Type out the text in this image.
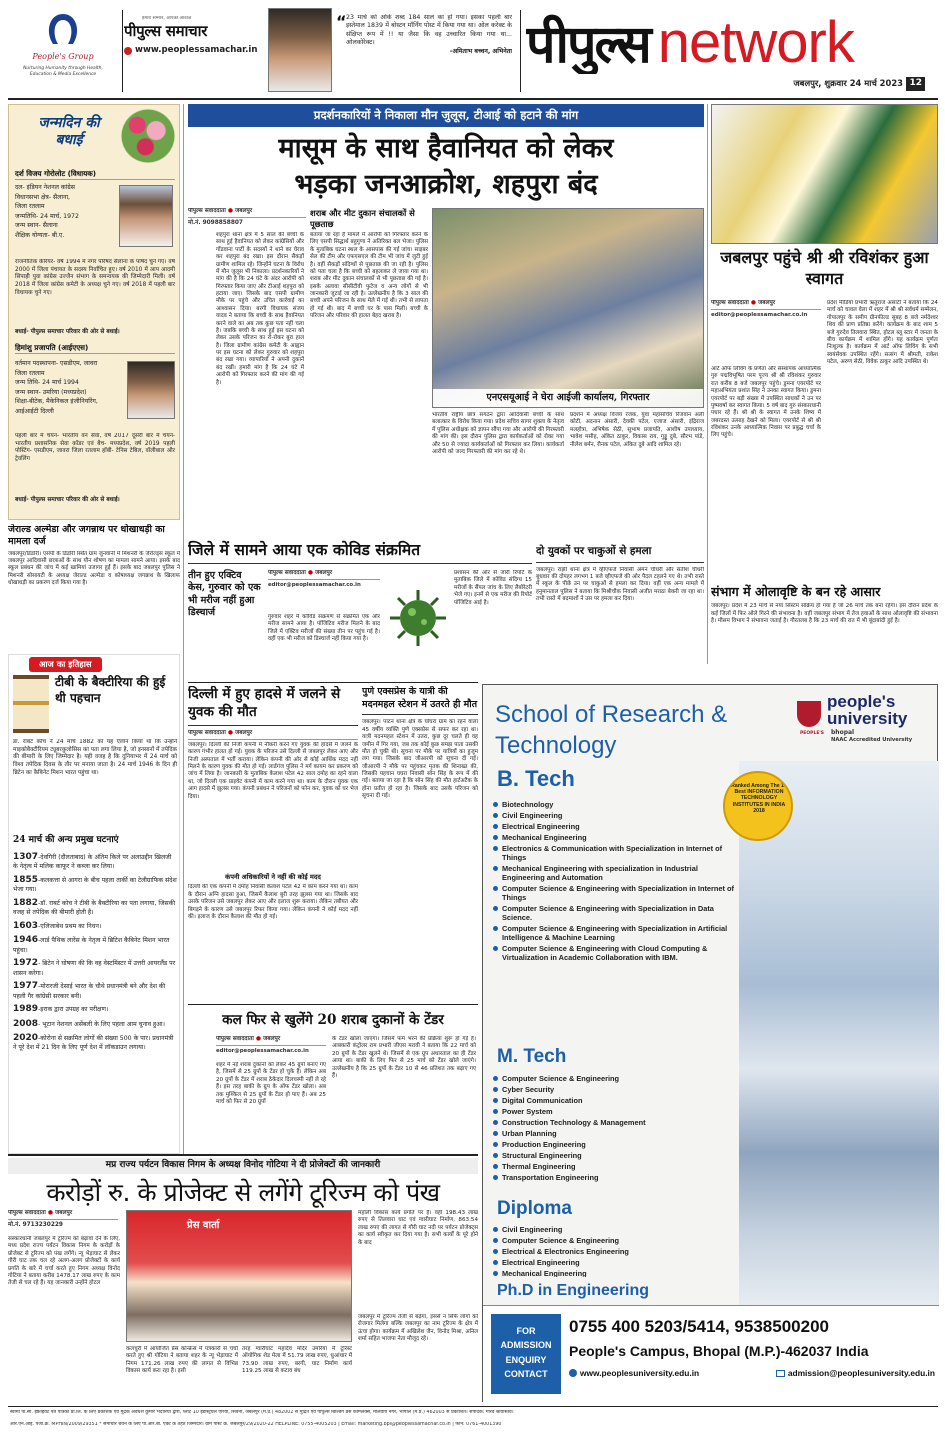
People's Group
Nurturing Humanity through Health, Education & Media Excellence
हमारा सम्मान, आपकी आवाज़
पीपुल्स समाचार
www.peoplessamachar.in
“ 23 मार्च को ओके शब्द 184 साल का हो गया। इसका पहली बार इस्तेमाल 1839 में बोस्टन मॉर्निंग पोस्ट में किया गया था। ओल करेक्ट के संक्षिप्त रूप में !! या जैसा कि वह उच्चारित किया गया था... ओलकोरेक्ट।
-अमिताभ बच्चन, अभिनेता पीपुल्स network
जबलपुर, शुक्रवार 24 मार्च 2023 12
जन्मदिन की बधाई
दर्श विजय गोरोलोट (विधायक)
दल- इंडियन नेशनल कांग्रेस
विधानसभा क्षेत्र- सैलाना,
जिला रतलाम
जन्मतिथि- 24 मार्च, 1972
जन्म स्थान- सैलाना
शैक्षिक योग्यता- बी.ए.
राजनीतिक कैरियर- वर्ष 1994 में नगर परिषद सैलाना के पार्षद चुने गए। वर्ष 2000 में जिला पंचायत के सदस्य निर्वाचित हुए। वर्ष 2010 में आप आदमी सिपाही युवा कांग्रेस उज्जैन संभाग के समन्वयक की जिम्मेदारी मिली। वर्ष 2018 में जिला कांग्रेस कमेटी के अध्यक्ष चुने गए। वर्ष 2018 में पहली बार विधायक चुने गए।
बधाई- पीपुल्स समाचार परिवार की ओर से बधाई।
हिमांशु प्रजापति (आईएएस)
वर्तमान पदस्थापना- एसडीएम, जावरा
जिला रतलाम
जन्म तिथि- 24 मार्च 1994
जन्म स्थान- उमरिया (मध्यप्रदेश)
शिक्षा-बीटेक, मैकेनिकल इंजीनियरिंग,
आईआईटी दिल्ली
पहली बार में चयन- भारतीय वन सेवा, वर्ष 2017 दूसरी बार में चयन- भारतीय प्रशासनिक सेवा कॉडर एवं बैच- मध्यप्रदेश, वर्ष 2019 पहली पोस्टिंग- एसडीएम, जावरा जिला रतलाम हॉबी- टेनिस टेबिल, वॉलीबाल और ट्रेवलिंग
बधाई- पीपुल्स समाचार परिवार की ओर से बधाई।
जेराल्ड अल्मेडा और जगन्नाथ पर धोखाधड़ी का मामला दर्ज
जबलपुर/डिंडोरी। एसपी के डिंडोरी स्थित ग्राम जुनवानी में मिशनरी के जेरॉल्ड्स स्कूल में जबलपुर आदिवासी छात्राओं के साथ यौन शोषण का मामला सामने आया। इसके बाद स्कूल प्रबंधन की जांच में कई खामियां उजागर हुईं हैं। इसके बाद जबलपुर पुलिस ने मिशनरी सोसायटी के अध्यक्ष जेराल्ड अल्मेडा व कोषाध्यक्ष जगन्नाथ के खिलाफ धोखाधड़ी का प्रकरण दर्ज किया गया है।
आज का इतिहास
टीबी के बैक्टीरिया की हुई थी पहचान
डॉ. रॉबर्ट कोच ने 24 मार्च 1882 को यह ऐलान किया था कि उन्होंने माइकोबैक्टीरियम ट्यूबरकुलोसिस का पता लगा लिया है, जो इनसानों में तपेदिक की बीमारी के लिए जिम्मेदार है। यही वजह है कि दुनियाभर में 24 मार्च को विश्व तपेदिक दिवस के तौर पर मनाया जाता है। 24 मार्च 1946 के दिन ही ब्रिटेन का कैबिनेट मिशन भारत पहुंचा था।
24 मार्च की अन्य प्रमुख घटनाएं
1307-देवगिरी (दौलताबाद) के अंतिम किले पर अलाउद्दीन खिलजी के नेतृत्व में मलिक काफूर ने कब्जा कर लिया।
1855-कलकत्ता से आगरा के बीच पहला तार्की का टेलीग्राफिक संदेश भेजा गया।
1882-डॉ. राबर्ट कोच ने टीबी के बैक्टीरिया का पता लगाया, जिसकी वजह से तपेदिक की बीमारी होती है।
1603-एलिजाबेथ प्रथम का निधन।
1946-लार्ड पैथिक लारेंस के नेतृत्व में ब्रिटिश कैबिनेट मिशन भारत पहुंचा।
1972- ब्रिटेन ने घोषणा की कि वह वेस्टमिंस्टर में उत्तरी आयरलैंड पर शासन करेगा।
1977-मोरारजी देसाई भारत के चौथे प्रधानमंत्री बने और देश की पहली गैर कांग्रेसी सरकार बनी।
1989-इराक द्वारा उपग्रह का परीक्षण।
2008- भूटान नेशनल असेंबली के लिए पहला आम चुनाव हुआ।
2020-कोरोना से सक्रमित लोगों की संख्या 500 के पार। प्रधानमंत्री ने पूरे देश में 21 दिन के लिए पूर्ण देश में लॉकडाउन लगाया।
प्रदर्शनकारियों ने निकाला मौन जुलूस, टीआई को हटाने की मांग
मासूम के साथ हैवानियत को लेकर
भड़का जनआक्रोश, शहपुरा बंद
पीपुल्स संवाददाता ● जबलपुर
मो.नं. 9098858807
शहपुरा थाना क्षेत्र में 5 साल की बच्ची के साथ हुई हैवानियत को लेकर कांग्रेसियों और गोंडवाना पार्टी के सदस्यों ने थाने का घेराव कर शहपुरा बंद रखा। इस दौरान सैकड़ों ग्रामीण शामिल रहे। जिन्होंने घटना के विरोध में मौन जुलूस भी निकाला। प्रदर्शनकारियों ने मांग की है कि 24 घंटे के अंदर आरोपी को गिरफ्तार किया जाए और टीआई शहपुरा को हटाया जाए। जिसके बाद एसपी ग्रामीण मौके पर पहुंचे और उचित कार्रवाई का आश्वासन दिया। बरगी विधायक संजय यादव ने बताया कि बच्ची के साथ हैवानियत करने वाले का अब तक कुछ पता नहीं चला है। जबकि बच्ची के साथ हुई इस घटना को लेकर उसके परिजन का रो-रोकर बुरा हाल है। जिला ग्रामीण कांग्रेस कमेटी के आह्वान पर इस घटना को लेकर गुरुवार को शहपुरा बंद रखा गया। व्यापारियों ने अपनी दुकानें बंद रखीं। हमारी मांग है कि 24 घंटे में आरोपी को गिरफ्तार करने की मांग की गई है।
शराब और मीट दुकान संचालकों से पूछताछ
बताया जा रहा है मामले में आरोपी को गिरफ्तार करने के लिए एसपी सिद्धार्थ बहुगुणा ने अतिरिक्त बल भेजा। पुलिस के मुताबिक घटना स्थल के आसपास की गई जांच। साइबर सेल की टीम और एफएसएल की टीम भी जांच में जुटी हुई है। वहीं सैकड़ों संदिग्धों से पूछताछ की जा रही है। पुलिस को पता चला है कि बच्ची को बहलाकर ले जाया गया था। शराब और मीट दुकान संचालकों से भी पूछताछ की गई है। इसके अलावा सीसीटीवी फुटेज व अन्य लोगों से भी जानकारी जुटाई जा रही है। उल्लेखनीय है कि 3 साल की बच्ची अपने परिजन के साथ मेले में गई थी। तभी से लापता हो गई थी। बाद में बच्ची घर के पास मिली। बच्ची के परिजन और परिवार की हालत बेहद खराब है।
एनएसयूआई ने घेरा आईजी कार्यालय, गिरफ्तार
भारतीय राष्ट्रीय छात्र संगठन द्वारा आदिवासी बच्ची के साथ बलात्कार के विरोध किया गया। प्रदेश सचिव सागर शुक्ला के नेतृत्व में पुलिस अधीक्षक को ज्ञापन सौंपा गया और आरोपी की गिरफ्तारी की मांग की। इस दौरान पुलिस द्वारा कार्यकर्ताओं को रोका गया और 50 से ज्यादा कार्यकर्ताओं को गिरफ्तार कर लिया। कार्यकर्ता आरोपी को जल्द गिरफ्तारी की मांग कर रहे थे।
प्रदर्शन में अध्यक्ष विजय रजक, युवा महासचिव रिजवान अली कोटी, अदनान अंसारी, देवकी पटेल, एजाज अंसारी, इंद्रिराज मलहोत्रा, अभिषेक सेठी, सुभाष प्रजापति, आशीष उपाध्याय, भावेश मसीह, अंकित ठाकुर, विकास राय, गुड्डू दुबे, सौरभ पांडे, नीलेश बर्मन, रौनक पटेल, अंकित दुबे आदि शामिल रहे।
जबलपुर पहुंचे श्री श्री रविशंकर हुआ स्वागत
पीपुल्स संवाददाता ● जबलपुर
editor@peoplessamachar.co.in
आर्ट ऑफ लिविंग के प्रणेता और संस्थापक आध्यात्मिक गुरु पद्मविभूषित परम पूज्य श्री श्री रविशंकर गुरुवार रात करीब 8 बजे जबलपुर पहुंचे। डुमना एयरपोर्ट पर महाअभियंता प्रशांत सिंह ने उनका स्वागत किया। डुमना एयरपोर्ट पर बड़ी संख्या में उपस्थित साधकों ने उन पर पुष्पवर्षा कर स्वागत किया। 5 वर्ष बाद गुरु संस्कारधानी पधार रहे हैं। श्री श्री के स्वागत में उनके शिष्य में जबरदस्त उत्साह देखने को मिला। एयरपोर्ट से श्री श्री रविशंकर उनके आध्यात्मिक निवास पर प्रबुद्ध चर्चा के लिए पहुंचे।
प्रदेश मीडिया प्रभारी ऋतुराज असाटी ने बताया कि 24 मार्च को चावल वेला में शहर में श्री श्री सर्वधर्म सम्मेलन, गोपालपुर के समीप ग्रीनफील्ड सुबह 8 बजे नर्मदेश्वर शिव की प्राण प्रतिष्ठा करेंगे। कार्यक्रम के बाद शाम 5 बजे गुरुदेव तिलवारा स्थित, होटल ब्लू स्टार में जनता के बीच कार्यक्रम में शामिल होंगे। यह कार्यक्रम पूर्णतः निःशुल्क है। कार्यक्रम में आर्ट ऑफ लिविंग के सभी स्वयंसेवक उपस्थित रहेंगे। सत्संग में श्रीमती, राकेश पटेल, अरुण सेठी, विवेक ठाकुर आदि उपस्थित थे।
संभाग में ओलावृष्टि के बन रहे आसार
जबलपुर। प्रदेश में 23 मार्च से नया सिस्टम सक्रिय हो गया है जो 26 मार्च तक बना रहेगा। इस दौरान प्रदेश के कई जिलों में फिर ओले गिरने की संभावना है। वहीं जबलपुर संभाग में तेज हवाओं के साथ ओलावृष्टि की संभावना है। मौसम विभाग ने संभावना जताई है। गौरतलब है कि 23 मार्च की रात में भी बूंदाबांदी हुई है।
जिले में सामने आया एक कोविड संक्रमित
तीन हुए एक्टिव केस, गुरुवार को एक भी मरीज नहीं हुआ डिस्चार्ज
पीपुल्स संवाददाता ● जबलपुर
editor@peoplessamachar.co.in
गुरुवार शहर में कोविड संक्रमण से संक्रमित एक और मरीज सामने आया है। पॉजिटिव मरीज मिलने के बाद जिले में एक्टिव मरीजों की संख्या तीन पर पहुंच गई है। वहीं एक भी मरीज को डिस्चार्ज नहीं किया गया है।
प्रशासन की ओर से जारी रिपोर्ट के मुताबिक जिले में कोविड संदिग्ध 15 मरीजों के सैंपल जांच के लिए लैबोरेटरी भेजे गए। इनमें से एक मरीज की रिपोर्ट पॉजिटिव आई है।
दो युवकों पर चाकुओं से हमला
जबलपुर। रांझी थाना क्षेत्र में व्हीएफजे निवासी अमन चौधरी और सतीश चौधरी बुधवार की दोपहर लगभग 1 बजे व्हीएफजे की ओर पैदल टहलने गए थे। तभी रास्ते में स्कूल के पीछे उन पर चाकुओं से हमला कर दिया। वहीं एक अन्य मामले में हनुमानताल पुलिस ने बताया कि मिश्रीचौक निवासी अजीत मराठा बेकरी जा रहा था। तभी रास्ते में बदमाशों ने उस पर हमला कर दिया।
दिल्ली में हुए हादसे में जलने से युवक की मौत
पीपुल्स संवाददाता ● जबलपुर
जबलपुर। दिल्ली की निजी कंपनी में नौकरी करने गए युवक की हादसे में जलने के कारण गंभीर हालत हो गई। युवक के परिजन उसे दिल्ली से जबलपुर लेकर आए और निजी अस्पताल में भर्ती कराया। लेकिन कंपनी की ओर से कोई आर्थिक मदद नहीं मिलने के कारण युवक की मौत हो गई। लार्डगंज पुलिस ने मर्ग कायम कर प्रकरण को जांच में लिया है। जानकारी के मुताबिक केलाश पटेल 42 साल दमोह का रहने वाला था, जो दिल्ली एक प्राइवेट कंपनी में काम करने गया था। काम के दौरान युवक एक आग हादसे में झुलस गया। कंपनी प्रबंधन ने परिजनों को फोन कर, युवक को घर भेज दिया।
कंपनी अधिकारियों ने नहीं की कोई मदद
दिल्ली की एक कंपनी में दमोह निवासी केलाश पटेल 42 में काम करने गया था। काम के दौरान अग्नि हादसा हुआ, जिसमें कैलाश बुरी तरह झुलस गया था। जिसके बाद उसके परिजन उसे जबलपुर लेकर आए और इलाज शुरू कराया। लेकिन तबीयत और बिगड़ने के कारण उसे जबलपुर रिफर किया गया। लेकिन कंपनी ने कोई मदद नहीं की। इलाज के दौरान कैलाश की मौत हो गई।
पुणे एक्सप्रेस के यात्री की मदनमहल स्टेशन में उतरते ही मौत
जबलपुर। पाटन थाना क्षेत्र के घोघरा ग्राम का रहने वाला 45 वर्षीय व्यक्ति पुणे एक्सप्रेस से सफर कर रहा था। यात्री मदनमहल स्टेशन में उतरा, कुछ दूर चलते ही वह जमीन में गिर गया, जब तक कोई कुछ समझ पाता उसकी मौत हो चुकी थी। सूचना पर मौके पर यात्रियों का हुजूम लग गया। जिसके बाद जीआरपी को सूचना दी गई। जीआरपी ने मौके पर पहुंचकर मृतक की शिनाख्त की, जिसकी पहचान घघरा निवासी सोन सिंह के रूप में की गई। बताया जा रहा है कि सोन सिंह की मौत हार्टअटैक के होना प्रतीत हो रहा है। जिसके बाद उसके परिजन को सूचना दी गई।
कल फिर से खुलेंगे 20 शराब दुकानों के टेंडर
पीपुल्स संवाददाता ● जबलपुर
editor@peoplessamachar.co.in
शहर में नई शराब दुकानों को लेकर 45 ग्रुपों बनाए गए है, जिसमें से 25 ग्रुपों के टेंडर हो चुके हैं। लेकिन अब 20 ग्रुपों के टेंडर में शराब ठेकेदार दिलचस्पी नहीं ले रहे हैं। इस तरह बाकी के ग्रुप के ऑफ टेंडर खोला। अब तक मुश्किल से 25 ग्रुपों के टेंडर हो पाए हैं। अब 25 मार्च को फिर से 20 ग्रुपों
के टेंडर खोला जाएगा। जिसमें फर्म भरने की प्रक्रिया शुरू हो गई है। आबकारी कंट्रोलर राम प्रभारी जीएस मरावी ने बताया कि 22 मार्च को 20 ग्रुपों के टेंडर खुलने थे। जिसमें से एक ग्रुप अधारताल का ही टेंडर आया था। बाकी के लिए फिर से 25 मार्च को टेंडर खोले जाएंगे। उल्लेखनीय है कि 25 ग्रुपों के टेंडर 10 से 46 प्रतिशत तक बढ़ाए गए हैं।
मप्र राज्य पर्यटन विकास निगम के अध्यक्ष विनोद गोटिया ने दी प्रोजेक्टों की जानकारी
करोड़ों रु. के प्रोजेक्ट से लगेंगे टूरिज्म को पंख
पीपुल्स संवाददाता ● जबलपुर
मो.नं. 9713230229
संस्कारधानी जबलपुर में टूरिज्म को बढ़ावा देने के लिए, मध्य प्रदेश राज्य पर्यटन विकास निगम के करोड़ों के प्रोजेक्ट से टूरिज्म को पंख लगेंगे। न्यू भेड़ाघाट से लेकर गौरी घाट तक चल रहे अलग-अलग प्रोजेक्टों के कार्य प्रगति के बारे में चर्चा करते हुए निगम अध्यक्ष विनोद गोटिया ने बताया करीब 1478.17 लाख रुपए के काम तेजी से चल रहे हैं। यह जानकारी उन्होंने होटल
प्रेस वार्ता
कलचुरी में आयोजित प्रेस कॉन्फ्रेंस में पत्रकारों से चर्चा करते हुए श्री गोटिया ने बताया शहर के न्यू भेड़ाघाट में निगम 171.26 लाख रुपए की लागत से विभिन्न विकास कार्य करा रहा है। इसी
तरह ग्वारीघाट महादेव मंदिर उमरिया में टूरिस्ट ऑयोगिक शेड मेला में 51.79 लाख रुपए, धुआंधार में 73.90 लाख रुपए, बरगी, घाट निर्माण कार्य 119.25 लाख से कटाव बंध
महोली विकास कार्य प्रगति पर है। वहीं 198.43 लाख रुपए से तिलवारा घाट एवं ग्वारीघाट निर्माण, 863.54 लाख रुपए की लागत से गौरी घाट नदी पर पर्यटन प्रोजेक्ट्स का कार्य स्वीकृत कर दिया गया है। सभी कार्यों के पूरे होने के बाद
जबलपुर में टूरिज्म तेजी से बढ़ेगा, इससे न सिर्फ लोगों को रोजगार मिलेगा बल्कि जबलपुर का नाम टूरिज्म के क्षेत्र में ऊंचा होगा। कार्यक्रम में अखिलेश जैन, विनोद मिश्रा, अनिल शर्मा सहित भाजपा नेता मौजूद रहे।
School of Research & Technology	PEOPLE'S
people's university
bhopal
NAAC Accredited University
Ranked Among The 10 Best INFORMATION TECHNOLOGY INSTITUTES IN INDIA 2018
B. Tech
• Biotechnology
• Civil Engineering
• Electrical Engineering
• Mechanical Engineering
• Electronics & Communication with Specialization in Internet of Things
• Mechanical Engineering with specialization in Industrial Engineering and Automation
• Computer Science & Engineering with Specialization in Internet of Things
• Computer Science & Engineering with Specialization in Data Science.
• Computer Science & Engineering with Specialization in Artificial Intelligence & Machine Learning
• Computer Science & Engineering with Cloud Computing & Virtualization in Academic Collaboration with IBM.
M. Tech
• Computer Science & Engineering
• Cyber Security
• Digital Communication
• Power System
• Construction Technology & Management
• Urban Planning
• Production Engineering
• Structural Engineering
• Thermal Engineering
• Transportation Engineering
Diploma
• Civil Engineering
• Computer Science & Engineering
• Electrical & Electronics Engineering
• Electrical Engineering
• Mechanical Engineering
Ph.D in Engineering
FOR ADMISSION ENQUIRY CONTACT
0755 400 5203/5414, 9538500200
People's Campus, Bhopal (M.P.)-462037 India
www.peoplesuniversity.edu.in	admission@peoplesuniversity.edu.in
स्वामी पी.सी. इंफ्राइवेट पत्र पत्रिका प्रा.लि. के लिए प्रकाशक एवं मुद्रक अवधेश कुमार भदौरिया द्वारा, प्लॉट 10 इंडस्ट्रियल एरिया, सिवनी, जबलपुर (म.प्र.) 482002 से मुद्रित एवं पीपुल्स बिल्डिंग प्रेस कॉम्प्लेक्स, मालवीय नगर, भोपाल (म.प्र.) 462003 से प्रकाशित। संपादक: गौरव श्रीवास्तव।
आर.एन.आई. पंजी.क्र. MPHIN/2009/29351 * समाचार चयन के लिए पी.आर.बी. एक्ट के तहत जिम्मेदार। ग्राम पोस्ट क्र. जबलपुर/29/2020-22 HELPLINE: 0755-4005203 | Email: marketing.bpl@peoplessamachar.co.in | फोन: 0761-4001390
